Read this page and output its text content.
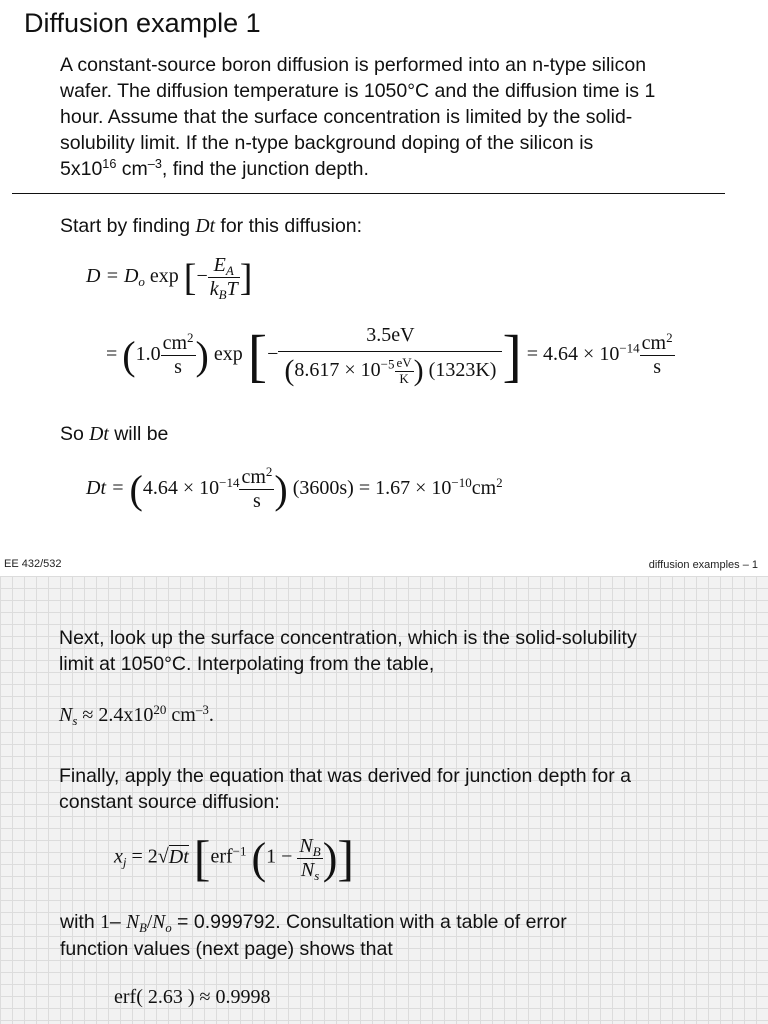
Diffusion example 1
A constant-source boron diffusion is performed into an n-type silicon
wafer. The diffusion temperature is 1050°C and the diffusion time is 1
hour. Assume that the surface concentration is limited by the solid-
solubility limit. If the n-type background doping of the silicon is
$5x10^{16}$ $cm^{-3}$, find the junction depth.
Start by finding Dt for this diffusion:
$D = D_o$ exp [− $\frac{E_A}{k_BT}$ ]
= ($1.0 \frac{cm^2}{s}$ ) exp [− $\frac{3.5eV}{(8.617 \times 10^{-5} \frac{eV}{K} ) (1323K)}$ ] = $4.64 \times 10^{-14} \frac{cm^2}{s}$
So Dt will be
$Dt = (4.64 \times 10^{-14} \frac{cm^2}{s}$ ) $(3600s) = 1.67 \times 10^{-10}cm^2$
EE 432/532	diffusion examples – 1
Next, look up the surface concentration, which is the solid-solubility
limit at 1050°C. Interpolating from the table,
$N_s \approx 2.4x10^{20}$ $cm^{-3}$.
Finally, apply the equation that was derived for junction depth for a
constant source diffusion:
$x_j = 2√Dt$ [erf$^{-1}$ ($1 - \frac{N_B}{N_s}$ )]
with 1– $N_B/N_o = 0.999792$. Consultation with a table of error
function values (next page) shows that
erf( 2.63 ) ≈ 0.9998
